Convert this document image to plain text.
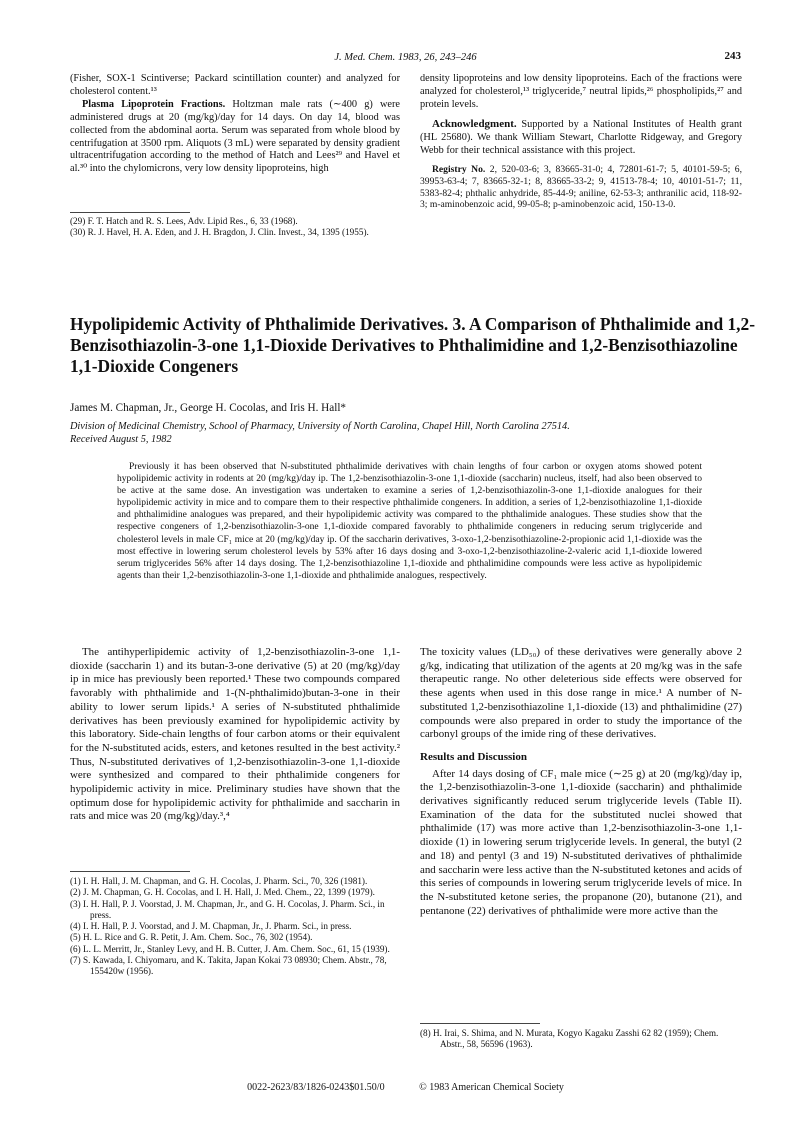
J. Med. Chem. 1983, 26, 243–246	243

(Fisher, SOX-1 Scintiverse; Packard scintillation counter) and analyzed for cholesterol content.¹³

Plasma Lipoprotein Fractions. Holtzman male rats (∼400 g) were administered drugs at 20 (mg/kg)/day for 14 days. On day 14, blood was collected from the abdominal aorta. Serum was separated from whole blood by centrifugation at 3500 rpm. Aliquots (3 mL) were separated by density gradient ultracentrifugation according to the method of Hatch and Lees²⁹ and Havel et al.³⁰ into the chylomicrons, very low density lipoproteins, high

(29) F. T. Hatch and R. S. Lees, Adv. Lipid Res., 6, 33 (1968).
(30) R. J. Havel, H. A. Eden, and J. H. Bragdon, J. Clin. Invest., 34, 1395 (1955).

density lipoproteins and low density lipoproteins. Each of the fractions were analyzed for cholesterol,¹³ triglyceride,⁷ neutral lipids,²⁶ phospholipids,²⁷ and protein levels.

Acknowledgment. Supported by a National Institutes of Health grant (HL 25680). We thank William Stewart, Charlotte Ridgeway, and Gregory Webb for their technical assistance with this project.

Registry No. 2, 520-03-6; 3, 83665-31-0; 4, 72801-61-7; 5, 40101-59-5; 6, 39953-63-4; 7, 83665-32-1; 8, 83665-33-2; 9, 41513-78-4; 10, 40101-51-7; 11, 5383-82-4; phthalic anhydride, 85-44-9; aniline, 62-53-3; anthranilic acid, 118-92-3; m-aminobenzoic acid, 99-05-8; p-aminobenzoic acid, 150-13-0.

Hypolipidemic Activity of Phthalimide Derivatives. 3. A Comparison of Phthalimide and 1,2-Benzisothiazolin-3-one 1,1-Dioxide Derivatives to Phthalimidine and 1,2-Benzisothiazoline 1,1-Dioxide Congeners
James M. Chapman, Jr., George H. Cocolas, and Iris H. Hall*
Division of Medicinal Chemistry, School of Pharmacy, University of North Carolina, Chapel Hill, North Carolina 27514.
Received August 5, 1982

Previously it has been observed that N-substituted phthalimide derivatives with chain lengths of four carbon or oxygen atoms showed potent hypolipidemic activity in rodents at 20 (mg/kg)/day ip. The 1,2-benzisothiazolin-3-one 1,1-dioxide (saccharin) nucleus, itself, had also been observed to be active at the same dose. An investigation was undertaken to examine a series of 1,2-benzisothiazolin-3-one 1,1-dioxide analogues for their hypolipidemic activity in mice and to compare them to their respective phthalimide congeners. In addition, a series of 1,2-benzisothiazoline 1,1-dioxide and phthalimidine analogues was prepared, and their hypolipidemic activity was compared to the phthalimide analogues. These studies show that the respective congeners of 1,2-benzisothiazolin-3-one 1,1-dioxide compared favorably to phthalimide congeners in reducing serum triglyceride and cholesterol levels in male CF₁ mice at 20 (mg/kg)/day ip. Of the saccharin derivatives, 3-oxo-1,2-benzisothiazoline-2-propionic acid 1,1-dioxide was the most effective in lowering serum cholesterol levels by 53% after 16 days dosing and 3-oxo-1,2-benzisothiazoline-2-valeric acid 1,1-dioxide lowered serum triglycerides 56% after 14 days dosing. The 1,2-benzisothiazoline 1,1-dioxide and phthalimidine compounds were less active as hypolipidemic agents than their 1,2-benzisothiazolin-3-one 1,1-dioxide and phthalimide analogues, respectively.

The antihyperlipidemic activity of 1,2-benzisothiazolin-3-one 1,1-dioxide (saccharin 1) and its butan-3-one derivative (5) at 20 (mg/kg)/day ip in mice has previously been reported.¹ These two compounds compared favorably with phthalimide and 1-(N-phthalimido)butan-3-one in their ability to lower serum lipids.¹ A series of N-substituted phthalimide derivatives has been previously examined for hypolipidemic activity by this laboratory. Side-chain lengths of four carbon atoms or their equivalent for the N-substituted acids, esters, and ketones resulted in the best activity.² Thus, N-substituted derivatives of 1,2-benzisothiazolin-3-one 1,1-dioxide were synthesized and compared to their phthalimide congeners for hypolipidemic activity in mice. Preliminary studies have shown that the optimum dose for hypolipidemic activity for phthalimide and saccharin in rats and mice was 20 (mg/kg)/day.³,⁴

(1) I. H. Hall, J. M. Chapman, and G. H. Cocolas, J. Pharm. Sci., 70, 326 (1981).
(2) J. M. Chapman, G. H. Cocolas, and I. H. Hall, J. Med. Chem., 22, 1399 (1979).
(3) I. H. Hall, P. J. Voorstad, J. M. Chapman, Jr., and G. H. Cocolas, J. Pharm. Sci., in press.
(4) I. H. Hall, P. J. Voorstad, and J. M. Chapman, Jr., J. Pharm. Sci., in press.
(5) H. L. Rice and G. R. Petit, J. Am. Chem. Soc., 76, 302 (1954).
(6) L. L. Merritt, Jr., Stanley Levy, and H. B. Cutter, J. Am. Chem. Soc., 61, 15 (1939).
(7) S. Kawada, I. Chiyomaru, and K. Takita, Japan Kokai 73 08930; Chem. Abstr., 78, 155420w (1956).

The toxicity values (LD₅₀) of these derivatives were generally above 2 g/kg, indicating that utilization of the agents at 20 mg/kg was in the safe therapeutic range. No other deleterious side effects were observed for these agents when used in this dose range in mice.¹ A number of N-substituted 1,2-benzisothiazoline 1,1-dioxide (13) and phthalimidine (27) compounds were also prepared in order to study the importance of the carbonyl groups of the imide ring of these derivatives.

Results and Discussion

After 14 days dosing of CF₁ male mice (∼25 g) at 20 (mg/kg)/day ip, the 1,2-benzisothiazolin-3-one 1,1-dioxide (saccharin) and phthalimide derivatives significantly reduced serum triglyceride levels (Table II). Examination of the data for the substituted nuclei showed that phthalimide (17) was more active than 1,2-benzisothiazolin-3-one 1,1-dioxide (1) in lowering serum triglyceride levels. In general, the butyl (2 and 18) and pentyl (3 and 19) N-substituted derivatives of phthalimide and saccharin were less active than the N-substituted ketones and acids of this series of compounds in lowering serum triglyceride levels of mice. In the N-substituted ketone series, the propanone (20), butanone (21), and pentanone (22) derivatives of phthalimide were more active than the

(8) H. Irai, S. Shima, and N. Murata, Kogyo Kagaku Zasshi 62 82 (1959); Chem. Abstr., 58, 56596 (1963).
0022-2623/83/1826-0243$01.50/0	© 1983 American Chemical Society
